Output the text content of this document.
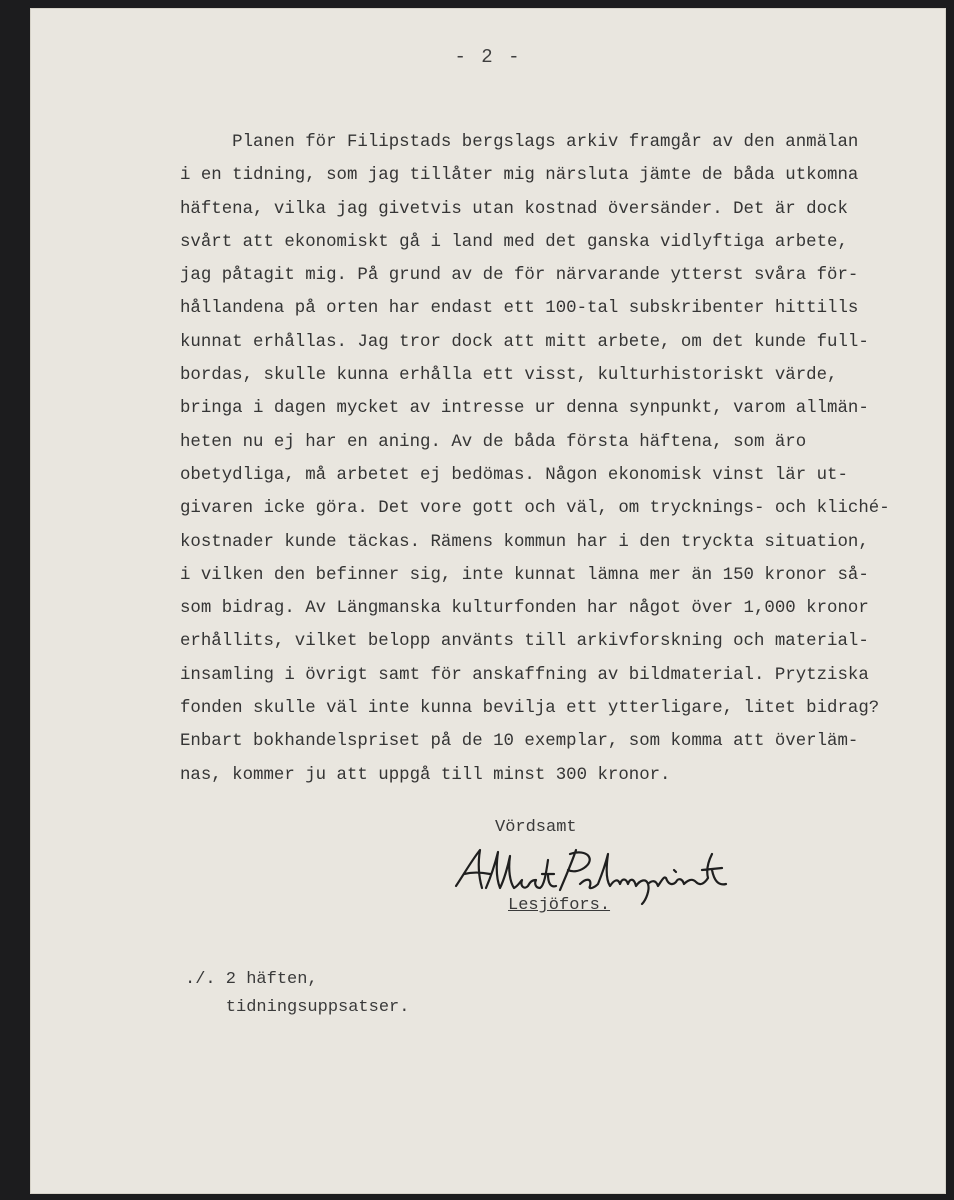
- 2 -
Planen för Filipstads bergslags arkiv framgår av den anmälan
i en tidning, som jag tillåter mig närsluta jämte de båda utkomna
häftena, vilka jag givetvis utan kostnad översänder. Det är dock
svårt att ekonomiskt gå i land med det ganska vidlyftiga arbete,
jag påtagit mig. På grund av de för närvarande ytterst svåra för-
hållandena på orten har endast ett 100-tal subskribenter hittills
kunnat erhållas. Jag tror dock att mitt arbete, om det kunde full-
bordas, skulle kunna erhålla ett visst, kulturhistoriskt värde,
bringa i dagen mycket av intresse ur denna synpunkt, varom allmän-
heten nu ej har en aning. Av de båda första häftena, som äro
obetydliga, må arbetet ej bedömas. Någon ekonomisk vinst lär ut-
givaren icke göra. Det vore gott och väl, om trycknings- och kliché-
kostnader kunde täckas. Rämens kommun har i den tryckta situation,
i vilken den befinner sig, inte kunnat lämna mer än 150 kronor så-
som bidrag. Av Längmanska kulturfonden har något över 1,000 kronor
erhållits, vilket belopp använts till arkivforskning och material-
insamling i övrigt samt för anskaffning av bildmaterial. Prytziska
fonden skulle väl inte kunna bevilja ett ytterligare, litet bidrag?
Enbart bokhandelspriset på de 10 exemplar, som komma att överläm-
nas, kommer ju att uppgå till minst 300 kronor.
Vördsamt
Lesjöfors.
./. 2 häften,
tidningsuppsatser.
